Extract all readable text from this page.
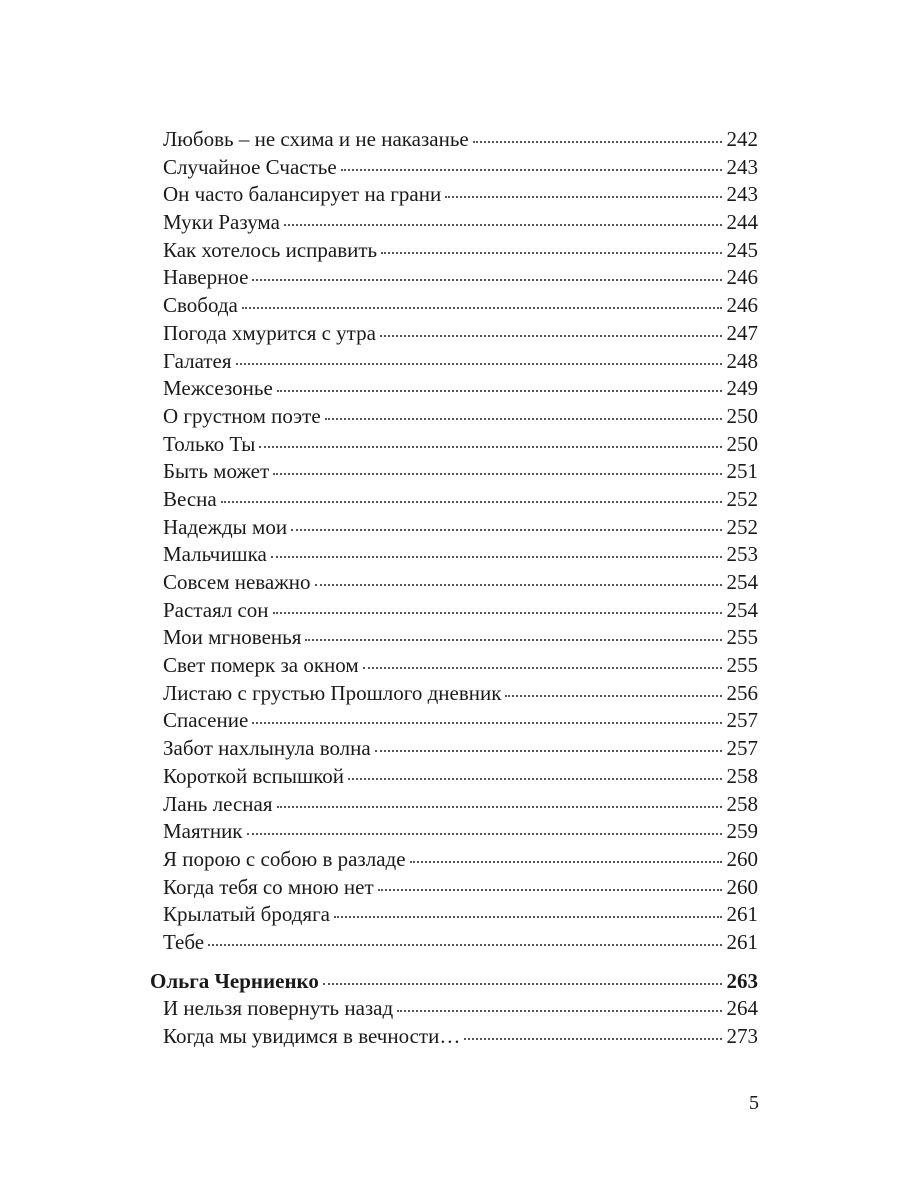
Любовь – не схима и не наказанье	242
Случайное Счастье	243
Он часто балансирует на грани	243
Муки Разума	244
Как хотелось исправить	245
Наверное	246
Свобода	246
Погода хмурится с утра	247
Галатея	248
Межсезонье	249
О грустном поэте	250
Только Ты	250
Быть может	251
Весна	252
Надежды мои	252
Мальчишка	253
Совсем неважно	254
Растаял сон	254
Мои мгновенья	255
Свет померк за окном	255
Листаю с грустью Прошлого дневник	256
Спасение	257
Забот нахлынула волна	257
Короткой вспышкой	258
Лань лесная	258
Маятник	259
Я порою с собою в разладе	260
Когда тебя со мною нет	260
Крылатый бродяга	261
Тебе	261
Ольга Черниенко	263
И нельзя повернуть назад	264
Когда мы увидимся в вечности…	273
5
